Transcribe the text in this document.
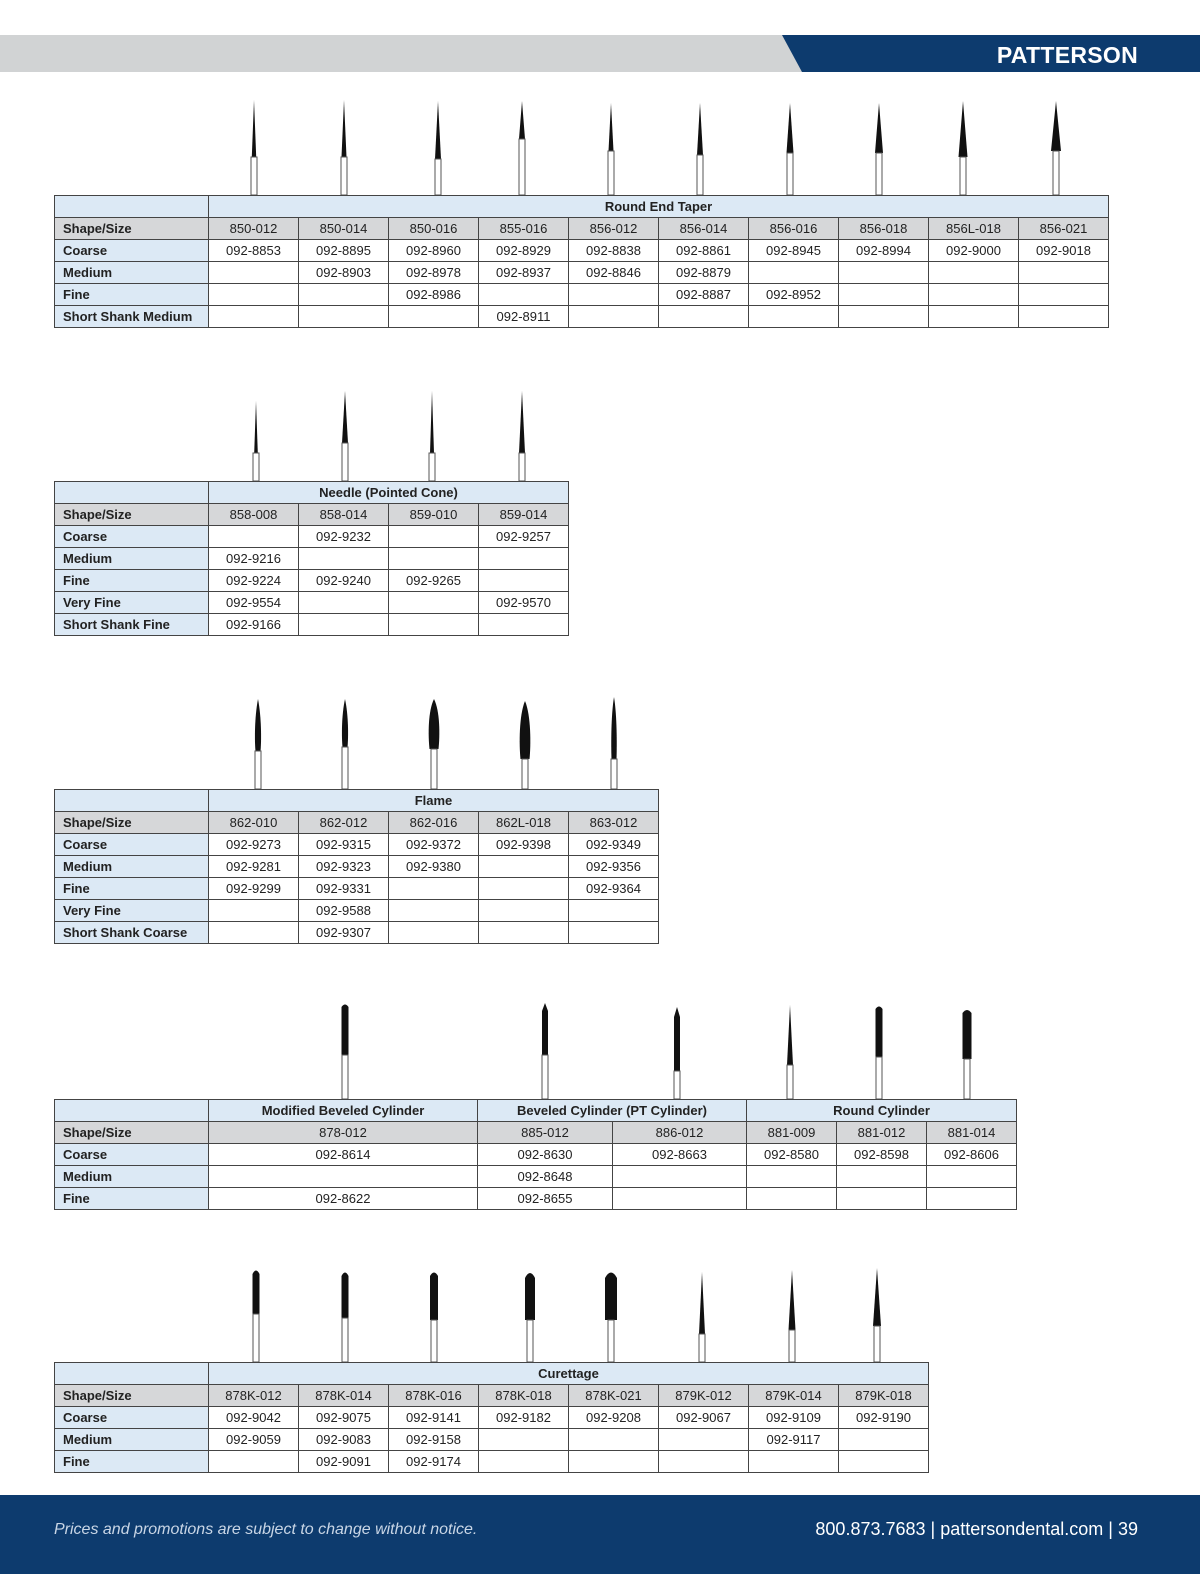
PATTERSON
	Round End Taper									
Shape/Size	850-012	850-014	850-016	855-016	856-012	856-014	856-016	856-018	856L-018	856-021
Coarse	092-8853	092-8895	092-8960	092-8929	092-8838	092-8861	092-8945	092-8994	092-9000	092-9018
Medium		092-8903	092-8978	092-8937	092-8846	092-8879				
Fine			092-8986			092-8887	092-8952			
Short Shank Medium				092-8911						
	Needle (Pointed Cone)			
Shape/Size	858-008	858-014	859-010	859-014
Coarse		092-9232		092-9257
Medium	092-9216			
Fine	092-9224	092-9240	092-9265	
Very Fine	092-9554			092-9570
Short Shank Fine	092-9166			
	Flame				
Shape/Size	862-010	862-012	862-016	862L-018	863-012
Coarse	092-9273	092-9315	092-9372	092-9398	092-9349
Medium	092-9281	092-9323	092-9380		092-9356
Fine	092-9299	092-9331			092-9364
Very Fine		092-9588			
Short Shank Coarse		092-9307			
	Modified Beveled Cylinder	Beveled Cylinder (PT Cylinder)		Round Cylinder		
Shape/Size	878-012	885-012	886-012	881-009	881-012	881-014
Coarse	092-8614	092-8630	092-8663	092-8580	092-8598	092-8606
Medium		092-8648				
Fine	092-8622	092-8655				
	Curettage							
Shape/Size	878K-012	878K-014	878K-016	878K-018	878K-021	879K-012	879K-014	879K-018
Coarse	092-9042	092-9075	092-9141	092-9182	092-9208	092-9067	092-9109	092-9190
Medium	092-9059	092-9083	092-9158				092-9117	
Fine		092-9091	092-9174					
Prices and promotions are subject to change without notice.	800.873.7683 | pattersondental.com | 39
